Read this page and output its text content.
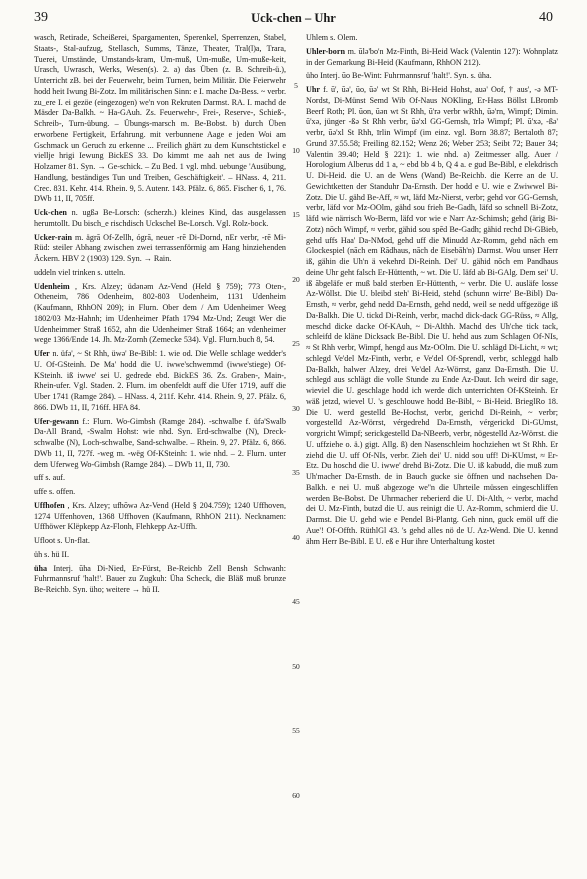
39	Uck-chen – Uhr	40

wasch, Retirade, Scheißerei, Spargamenten, Sperenkel, Sperrenzen, Stabel, Staats-, Stal-aufzug, Stellasch, Summs, Tänze, Theater, Tral(l)a, Trara, Tuerei, Umstände, Umstands-kram, Um-muß, Um-muße, Um-muße-keit, Urasch, Uwrasch, Werks, Wesen(s). 2. a) das Üben (z. B. Schreib-ü.), Unterricht zB. bei der Feuerwehr, beim Turnen, beim Militär. Die Feierwehr hodd heit Iwung Bi-Zotz. Im militärischen Sinn: e I. mache Da-Bess. ~ verbr. zu_ere I. ei gezöe (eingezogen) we'n von Rekruten Darmst. RA. I. machd de Mäsder Da-Balkh. ~ Ha-GAuh. Zs. Feuerwehr-, Frei-, Reserve-, Schieß-, Schreib-, Turn-übung. – Übungs-marsch m. Be-Bobst. b) durch Üben erworbene Fertigkeit, Erfahrung. mit verbunnene Aage e jeden Woi am Gschmack un Geruch zu erkenne ... Freilich ghärt zu dem Kunschtstickel e viellje hrigi Iewung BickES 33. Do kimmt me aah net aus de Iwing Holzamer 81. Syn. → Ge-schick. – Zu Bed. 1 vgl. mhd. uebunge 'Ausübung, Handlung, beständiges Tun und Treiben, Geschäftigkeit'. – HNass. 4, 211. Crec. 831. Kehr. 414. Rhein. 9, 5. Autenr. 143. Pfälz. 6, 865. Fischer 6, 1, 76. DWb 11, II, 705ff.

Uck-chen n. ugßə Be-Lorsch: (scherzh.) kleines Kind, das ausgelassen herumtollt. Du bisch_e rischdisch Uckschel Be-Lorsch. Vgl. Rolz-bock.

Ucker-rain m. ägrā Of-Zellh, ógrā, neuer -rē Di-Dornd, nEr verbr, -rē Mi-Rüd: steiler Abhang zwischen zwei terrassenförmig am Hang hinziehenden Äckern. HBV 2 (1903) 129. Syn. → Rain.

uddeln viel trinken s. utteln.

Udenheim , Krs. Alzey; üdənəm Az-Vend (Held § 759); 773 Oten-, Otheneim, 786 Odenheim, 802-803 Uodenheim, 1131 Udenheim (Kaufmann, RhhON 209); in Flurn. Ober dem / Am Udenheimer Weeg 1802/03 Mz-Hahnh; im Udenheimer Pfath 1794 Mz-Und; Zeugt Wer die Udenheimmer Straß 1652, ahn die Udenheimer Straß 1664; an vdenheimer wege 1366/Ende 14. Jh. Mz-Zornh (Zemecke 534). Vgl. Flurn.buch 8, 54.

Ufer n. üfə', ~ St Rhh, üwə' Be-Bibl: 1. wie od. Die Welle schlage wedder's U. Of-GSteinh. De Ma' hodd die U. iwwe'schwemmd (iwwe'stiege) Of-KSteinh. iß iwwe' sei U. gedrede ebd. BickES 36. Zs. Graben-, Main-, Rhein-ufer. Vgl. Staden. 2. Flurn. im obenfeldt auff die Ufer 1719, auff die Uber 1741 (Ramge 284). – HNass. 4, 211f. Kehr. 414. Rhein. 9, 27. Pfälz. 6, 866. DWb 11, II, 716ff. HFA 84.

Ufer-gewann f.: Flurn. Wo-Gimbsh (Ramge 284). -schwalbe f. üfə'Swalb Da-All Brand, -Swalm Hohst: wie nhd. Syn. Erd-schwalbe (N), Dreck-schwalbe (N), Loch-schwalbe, Sand-schwalbe. – Rhein. 9, 27. Pfälz. 6, 866. DWb 11, II, 727f. -weg m. -wëg Of-KSteinh: 1. wie nhd. – 2. Flurn. unter dem Uferweg Wo-Gimbsh (Ramge 284). – DWb 11, II, 730.

uff s. auf.

uffe s. offen.

Uffhofen , Krs. Alzey; ufhōwə Az-Vend (Held § 204.759); 1240 Uffhoven, 1274 Uffenhoven, 1368 Uffhoven (Kaufmann, RhhON 211). Necknamen: Uffhöwer Klëpkepp Az-Flonh, Flehkepp Az-Uffh.

Ufloot s. Un-flat.

üh s. hü II.

üha Interj. ūha Di-Nied, Er-Fürst, Be-Reichb Zell Bensh Schwanh: Fuhrmannsruf 'halt!'. Bauer zu Zugkuh: Üha Scheck, die Bläß muß brunze Be-Reichb. Syn. üho; weitere → hü II.

5
10
15
20
25
30
35
40
45
50
55
60

Uhlem s. Olem.

Uhler-born m. ūlə'bo'n Mz-Finth, Bi-Heid Wack (Valentin 127): Wohnplatz in der Gemarkung Bi-Heid (Kaufmann, RhhON 212).

üho Interj. ūo Be-Wint: Fuhrmannsruf 'halt!'. Syn. s. üha.

Uhr f. ū', ūə', ūo, ūə' wt St Rhh, Bi-Heid Hohst, auə' Oof, † aus', -ə MT-Nordst, Di-Münst Semd Wib Of-Naus NOKling, Er-Hass Böllst LBromb Beerf Roth; Pl. ūon, ūən wt St Rhh, ū'rə verbr wRhh, ūə'rn, Wimpf; Dimin. ū'xə, jünger -ßə St Rhh verbr, ūə'xl GG-Gernsh, īrlə Wimpf; Pl. ū'xə, -ßə' verbr, ūə'xl St Rhh, īrlin Wimpf (im einz. vgl. Born 38.87; Bertaloth 87; Grund 37.55.58; Freiling 82.152; Wenz 26; Weber 253; Seibt 72; Bauer 34; Valentin 39.40; Held § 221): 1. wie nhd. a) Zeitmesser allg. Auer / Horologium Alberus dd 1 a, ~ ebd bb 4 b, Q 4 a. e gud Be-Bibl, e elekdrisch U. Di-Heid. die U. an de Wens (Wand) Be-Reichb. die Kerre an de U. Gewichtketten der Standuhr Da-Ernsth. Der hodd e U. wie e Zwiwwel Bi-Zotz. Die U. gähd Be-Aff, ≈ wt, läfd Mz-Nierst, verbr; gehd vor GG-Gernsh, verbr, läfd vor Mz-OOlm, gähd sou frieh Be-Gadh, läfd so schnell Bi-Zotz, läfd wie närrisch Wo-Berm, läfd vor wie e Narr Az-Schimsh; gehd (ärig Bi-Zotz) nōch Wimpf, ≈ verbr, gähid sou spēd Be-Gadh; gähid rechd Di-GBieb, gehd uffs Haa' Da-NMod, gehd uff die Minudd Az-Romm, gehd nāch em Glockespiel (nāch em Rādhaus, nāch de Eisebāh'n) Darmst. Wou unser Herr iß, gähin die Uh'n ä vekehrd Di-Reinh. Dei' U. gähid nōch em Pandhaus deine Uhr geht falsch Er-Hüttenth, ~ wt. Die U. läfd ab Bi-GAlg. Dem sei' U. iß ābgeläfe er muß bald sterben Er-Hüttenth, ~ verbr. Die U. ausläfe losse Az-Wöllst. Die U. bleibd steh' Bi-Heid, stehd (schunn wirre' Be-Bibl) Da-Ernsth, ≈ verbr, gehd nedd Da-Ernsth, gehd nedd, weil se nedd uffgezöge iß Da-Balkh. Die U. tickd Di-Reinh, verbr, machd dick-dack GG-Rüss, ≈ Allg, meschd dicke dacke Of-KAuh, ~ Di-Althh. Machd des Uh'che tick tack, schleifd de kläne Dicksack Be-Bibl. Die U. hehd aus zum Schlagen Of-NIs, ≈ St Rhh verbr, Wimpf, hengd aus Mz-OOlm. Die U. schlägd Di-Licht, ≈ wt; schlegd Ve'del Mz-Finth, verbr, e Ve'del Of-Sprendl, verbr, schleggd halb Da-Balkh, halwer Alzey, drei Ve'del Az-Wörrst, ganz Da-Ernsth. Die U. schlegd aus schlägt die volle Stunde zu Ende Az-Daut. Ich weird dir sage, wieviel die U. geschlage hodd ich werde dich unterrichten Of-KSteinh. Er wäß jetzd, wievel U. 's geschlouwe hodd Be-Bibl, ~ Bi-Heid. BrieglRo 18. Die U. werd gestelld Be-Hochst, verbr, gerichd Di-Reinh, ~ verbr; vorgestelld Az-Wörrst, vérgedrehd Da-Ernsth, vérgerickd Di-GUmst, vorgricht Wimpf; serickgestelld Da-NBeerb, verbr, nögestelld Az-Wörrst. die U. uffziehe o. ä.) gigt. Allg. ß) den Nasenschleim hochziehen wt St Rhh. Er ziehd die U. uff Of-NIs, verbr. Zieh dei' U. nidd sou uff! Di-KUmst, ≈ Er-Etz. Du hoschd die U. iwwe' drehd Bi-Zotz. Die U. iß kabudd, die muß zum Uh'macher Da-Ernsth. de in Bauch gucke sie öffnen und nachsehen Da-Balkh. e nei U. muß abgezoge we''n die Uhrteile müssen eingeschliffen werden Be-Bobst. De Uhrmacher reberierd die U. Di-Alth, ~ verbr, machd dei U. Mz-Finth, butzd die U. aus reinigt die U. Az-Romm, schmierd die U. Darmst. Die U. gehd wie e Pendel Bi-Plantg. Geh ninn, guck emöl uff die Aue'! Of-Offth. RüthlGl 43. 's gehd alles nö de U. Az-Wend. Die U. kennd ähm Herr Be-Bibl. E U. eß e Hur ihre Unterhaltung kostet
